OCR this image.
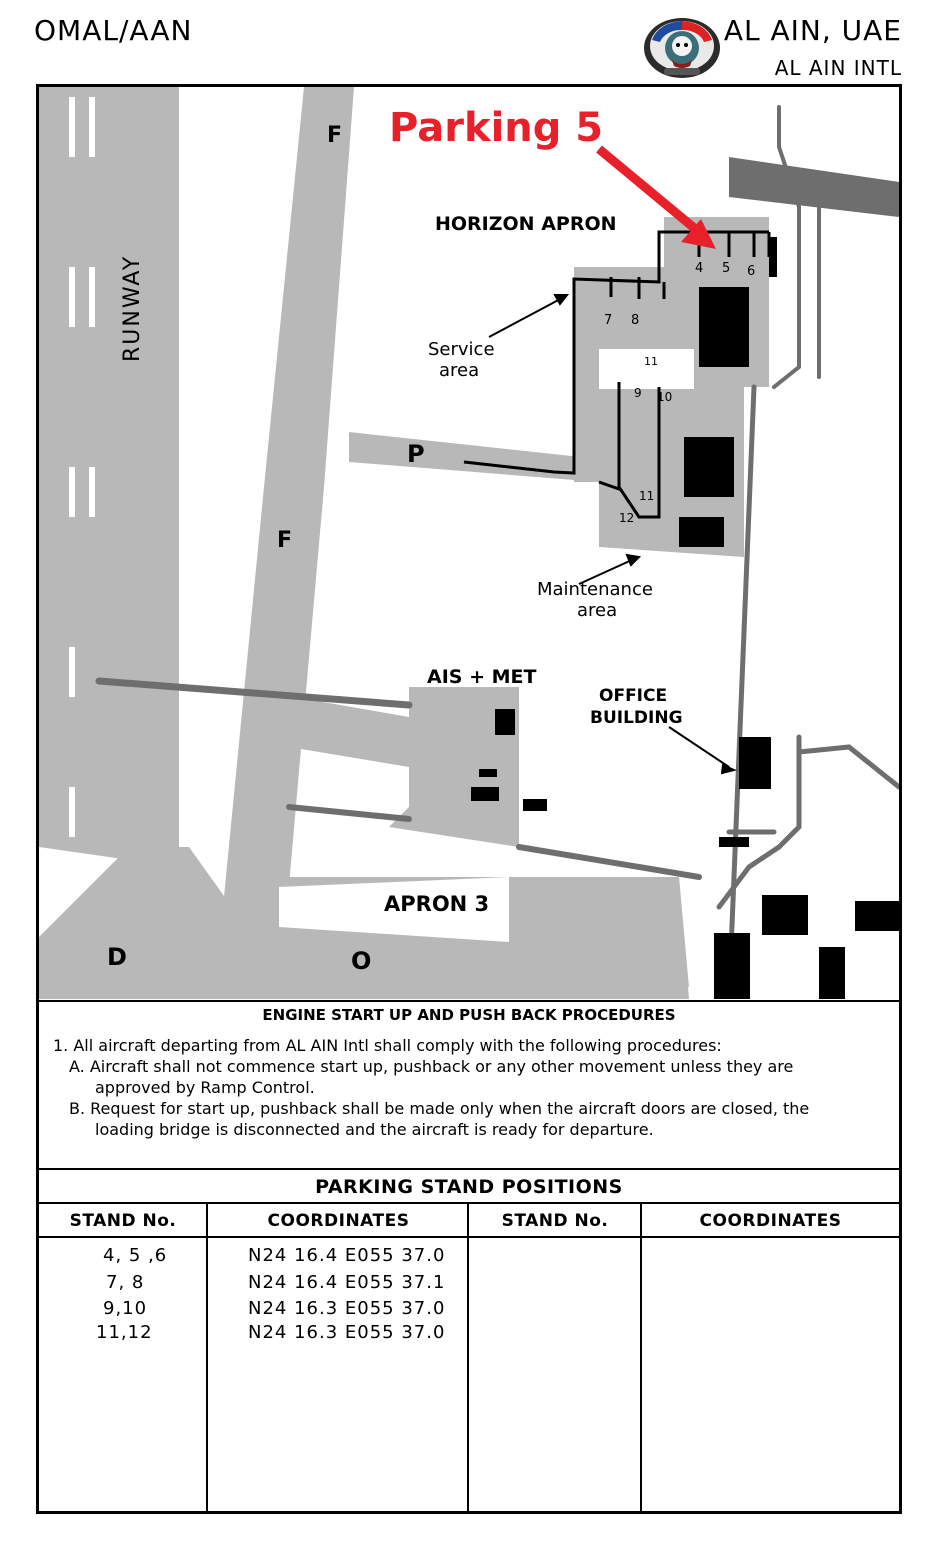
OMAL/AAN	AL AIN, UAE
AL AIN INTL
RUNWAY
F
F
P
D	O
HORIZON APRON
Service
area
Maintenance
area
AIS + MET
OFFICE
BUILDING
APRON 3
4 5 6
7 8
11
9 10
11
12
Parking 5
ENGINE START UP AND PUSH BACK PROCEDURES
1. All aircraft departing from AL AIN Intl shall comply with the following procedures:
A. Aircraft shall not commence start up, pushback or any other movement unless they are
approved by Ramp Control.
B. Request for start up, pushback shall be made only when the aircraft doors are closed, the
loading bridge is disconnected and the aircraft is ready for departure.
PARKING STAND POSITIONS
STAND No.	COORDINATES	STAND No.	COORDINATES
4, 5 ,6	N24 16.4 E055 37.0
7, 8	N24 16.4 E055 37.1
9,10	N24 16.3 E055 37.0
11,12	N24 16.3 E055 37.0
